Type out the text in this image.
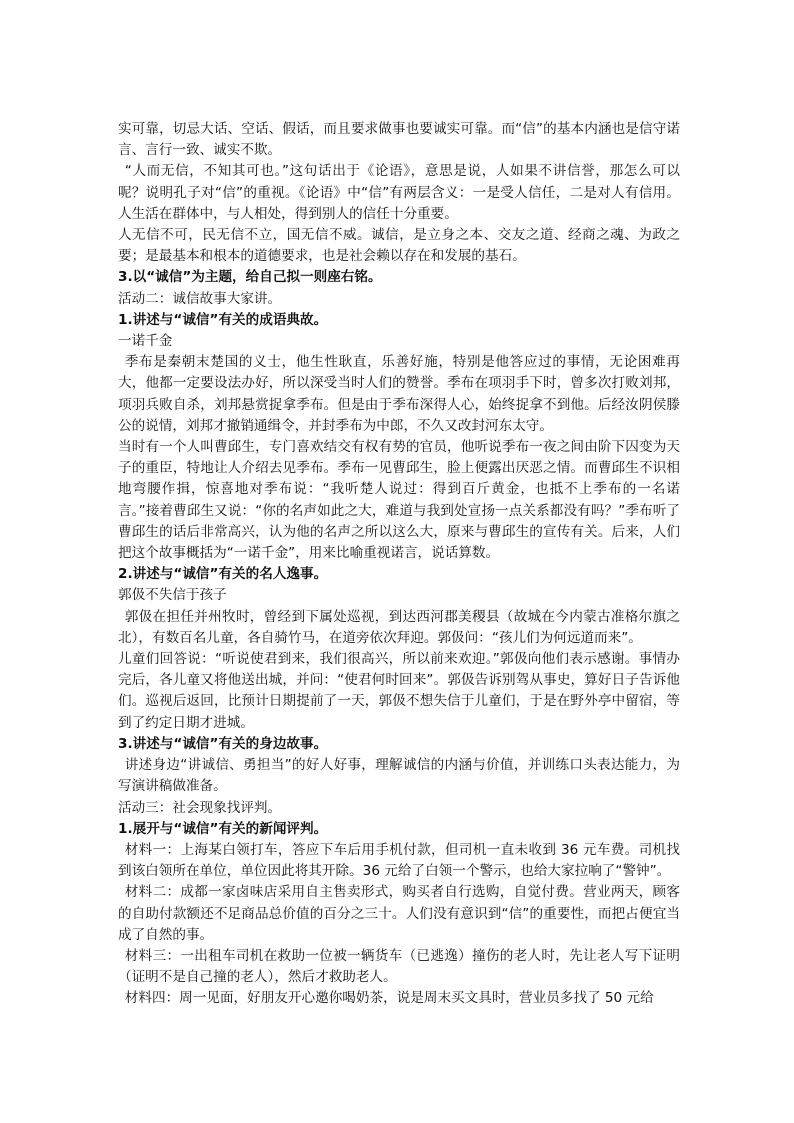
实可靠，切忌大话、空话、假话，而且要求做事也要诚实可靠。而“信”的基本内涵也是信守诺言、言行一致、诚实不欺。

“人而无信，不知其可也。”这句话出于《论语》，意思是说，人如果不讲信誉，那怎么可以呢？说明孔子对“信”的重视。《论语》中“信”有两层含义：一是受人信任，二是对人有信用。人生活在群体中，与人相处，得到别人的信任十分重要。

人无信不可，民无信不立，国无信不威。诚信，是立身之本、交友之道、经商之魂、为政之要；是最基本和根本的道德要求，也是社会赖以存在和发展的基石。

3.以“诚信”为主题，给自己拟一则座右铭。

活动二：诚信故事大家讲。

1.讲述与“诚信”有关的成语典故。

一诺千金

季布是秦朝末楚国的义士，他生性耿直，乐善好施，特别是他答应过的事情，无论困难再大，他都一定要设法办好，所以深受当时人们的赞誉。季布在项羽手下时，曾多次打败刘邦，项羽兵败自杀，刘邦悬赏捉拿季布。但是由于季布深得人心，始终捉拿不到他。后经汝阴侯滕公的说情，刘邦才撤销通缉令，并封季布为中郎，不久又改封河东太守。

当时有一个人叫曹邱生，专门喜欢结交有权有势的官员，他听说季布一夜之间由阶下囚变为天子的重臣，特地让人介绍去见季布。季布一见曹邱生，脸上便露出厌恶之情。而曹邱生不识相地弯腰作揖，惊喜地对季布说：“我听楚人说过：得到百斤黄金，也抵不上季布的一名诺言。”接着曹邱生又说：“你的名声如此之大，难道与我到处宣扬一点关系都没有吗？”季布听了曹邱生的话后非常高兴，认为他的名声之所以这么大，原来与曹邱生的宣传有关。后来，人们把这个故事概括为“一诺千金”，用来比喻重视诺言，说话算数。

2.讲述与“诚信”有关的名人逸事。

郭伋不失信于孩子

郭伋在担任并州牧时，曾经到下属处巡视，到达西河郡美稷县（故城在今内蒙古准格尔旗之北），有数百名儿童，各自骑竹马，在道旁依次拜迎。郭伋问：“孩儿们为何远道而来”。

儿童们回答说：“听说使君到来，我们很高兴，所以前来欢迎。”郭伋向他们表示感谢。事情办完后，各儿童又将他送出城，并问：“使君何时回来”。郭伋告诉别驾从事史，算好日子告诉他们。巡视后返回，比预计日期提前了一天，郭伋不想失信于儿童们，于是在野外亭中留宿，等到了约定日期才进城。

3.讲述与“诚信”有关的身边故事。

讲述身边“讲诚信、勇担当”的好人好事，理解诚信的内涵与价值，并训练口头表达能力，为写演讲稿做准备。

活动三：社会现象找评判。

1.展开与“诚信”有关的新闻评判。

材料一：上海某白领打车，答应下车后用手机付款，但司机一直未收到 36 元车费。司机找到该白领所在单位，单位因此将其开除。36 元给了白领一个警示，也给大家拉响了“警钟”。

材料二：成都一家卤味店采用自主售卖形式，购买者自行选购，自觉付费。营业两天，顾客的自助付款额还不足商品总价值的百分之三十。人们没有意识到“信”的重要性，而把占便宜当成了自然的事。

材料三：一出租车司机在救助一位被一辆货车（已逃逸）撞伤的老人时，先让老人写下证明（证明不是自己撞的老人），然后才救助老人。

材料四：周一见面，好朋友开心邀你喝奶茶，说是周末买文具时，营业员多找了 50 元给
